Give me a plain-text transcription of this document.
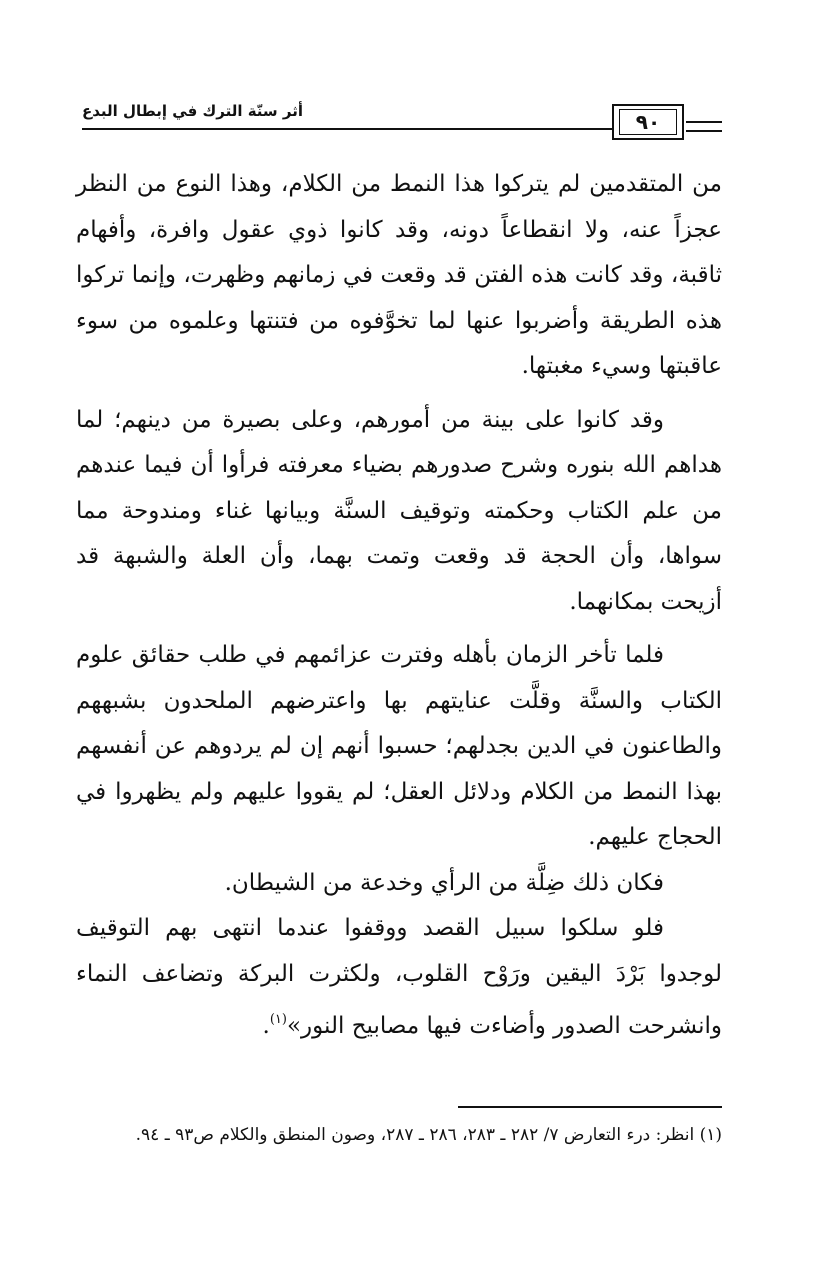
أثر سنّة الترك في إبطال البدع	٩٠

من المتقدمين لم يتركوا هذا النمط من الكلام، وهذا النوع من النظر عجزاً عنه، ولا انقطاعاً دونه، وقد كانوا ذوي عقول وافرة، وأفهام ثاقبة، وقد كانت هذه الفتن قد وقعت في زمانهم وظهرت، وإنما تركوا هذه الطريقة وأضربوا عنها لما تخوَّفوه من فتنتها وعلموه من سوء عاقبتها وسيء مغبتها.

وقد كانوا على بينة من أمورهم، وعلى بصيرة من دينهم؛ لما هداهم الله بنوره وشرح صدورهم بضياء معرفته فرأوا أن فيما عندهم من علم الكتاب وحكمته وتوقيف السنَّة وبيانها غناء ومندوحة مما سواها، وأن الحجة قد وقعت وتمت بهما، وأن العلة والشبهة قد أزيحت بمكانهما.

فلما تأخر الزمان بأهله وفترت عزائمهم في طلب حقائق علوم الكتاب والسنَّة وقلَّت عنايتهم بها واعترضهم الملحدون بشبههم والطاعنون في الدين بجدلهم؛ حسبوا أنهم إن لم يردوهم عن أنفسهم بهذا النمط من الكلام ودلائل العقل؛ لم يقووا عليهم ولم يظهروا في الحجاج عليهم.

فكان ذلك ضِلَّة من الرأي وخدعة من الشيطان.

فلو سلكوا سبيل القصد ووقفوا عندما انتهى بهم التوقيف لوجدوا بَرْدَ اليقين ورَوْح القلوب، ولكثرت البركة وتضاعف النماء وانشرحت الصدور وأضاءت فيها مصابيح النور»$^{(١)}$.

(١) انظر: درء التعارض ٧/ ٢٨٢ ـ ٢٨٣، ٢٨٦ ـ ٢٨٧، وصون المنطق والكلام ص٩٣ ـ ٩٤.
